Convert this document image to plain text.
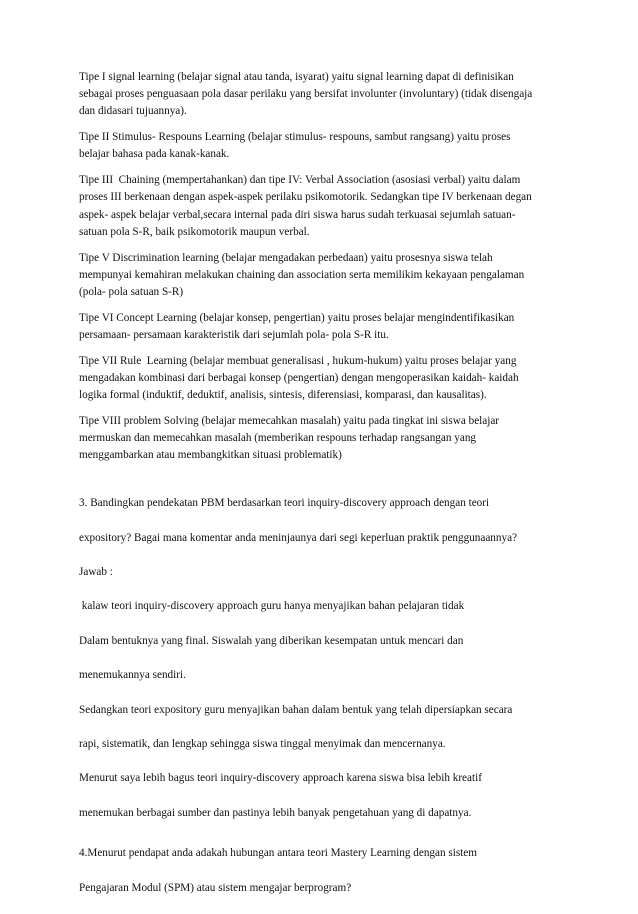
Tipe I signal learning (belajar signal atau tanda, isyarat) yaitu signal learning dapat di definisikan
sebagai proses penguasaan pola dasar perilaku yang bersifat involunter (involuntary) (tidak disengaja
dan didasari tujuannya).

Tipe II Stimulus- Respouns Learning (belajar stimulus- respouns, sambut rangsang) yaitu proses
belajar bahasa pada kanak-kanak.

Tipe III  Chaining (mempertahankan) dan tipe IV: Verbal Association (asosiasi verbal) yaitu dalam
proses III berkenaan dengan aspek-aspek perilaku psikomotorik. Sedangkan tipe IV berkenaan degan
aspek- aspek belajar verbal,secara internal pada diri siswa harus sudah terkuasai sejumlah satuan-
satuan pola S-R, baik psikomotorik maupun verbal.

Tipe V Discrimination learning (belajar mengadakan perbedaan) yaitu prosesnya siswa telah
mempunyai kemahiran melakukan chaining dan association serta memilikim kekayaan pengalaman
(pola- pola satuan S-R)

Tipe VI Concept Learning (belajar konsep, pengertian) yaitu proses belajar mengindentifikasikan
persamaan- persamaan karakteristik dari sejumlah pola- pola S-R itu.

Tipe VII Rule  Learning (belajar membuat generalisasi , hukum-hukum) yaitu proses belajar yang
mengadakan kombinasi dari berbagai konsep (pengertian) dengan mengoperasikan kaidah- kaidah
logika formal (induktif, deduktif, analisis, sintesis, diferensiasi, komparasi, dan kausalitas).

Tipe VIII problem Solving (belajar memecahkan masalah) yaitu pada tingkat ini siswa belajar
mermuskan dan memecahkan masalah (memberikan respouns terhadap rangsangan yang
menggambarkan atau membangkitkan situasi problematik)

3. Bandingkan pendekatan PBM berdasarkan teori inquiry-discovery approach dengan teori
expository? Bagai mana komentar anda meninjaunya dari segi keperluan praktik penggunaannya?
Jawab :
kalaw teori inquiry-discovery approach guru hanya menyajikan bahan pelajaran tidak
Dalam bentuknya yang final. Siswalah yang diberikan kesempatan untuk mencari dan
menemukannya sendiri.
Sedangkan teori expository guru menyajikan bahan dalam bentuk yang telah dipersiapkan secara
rapi, sistematik, dan lengkap sehingga siswa tinggal menyimak dan mencernanya.
Menurut saya lebih bagus teori inquiry-discovery approach karena siswa bisa lebih kreatif
menemukan berbagai sumber dan pastinya lebih banyak pengetahuan yang di dapatnya.
4.Menurut pendapat anda adakah hubungan antara teori Mastery Learning dengan sistem
Pengajaran Modul (SPM) atau sistem mengajar berprogram?
